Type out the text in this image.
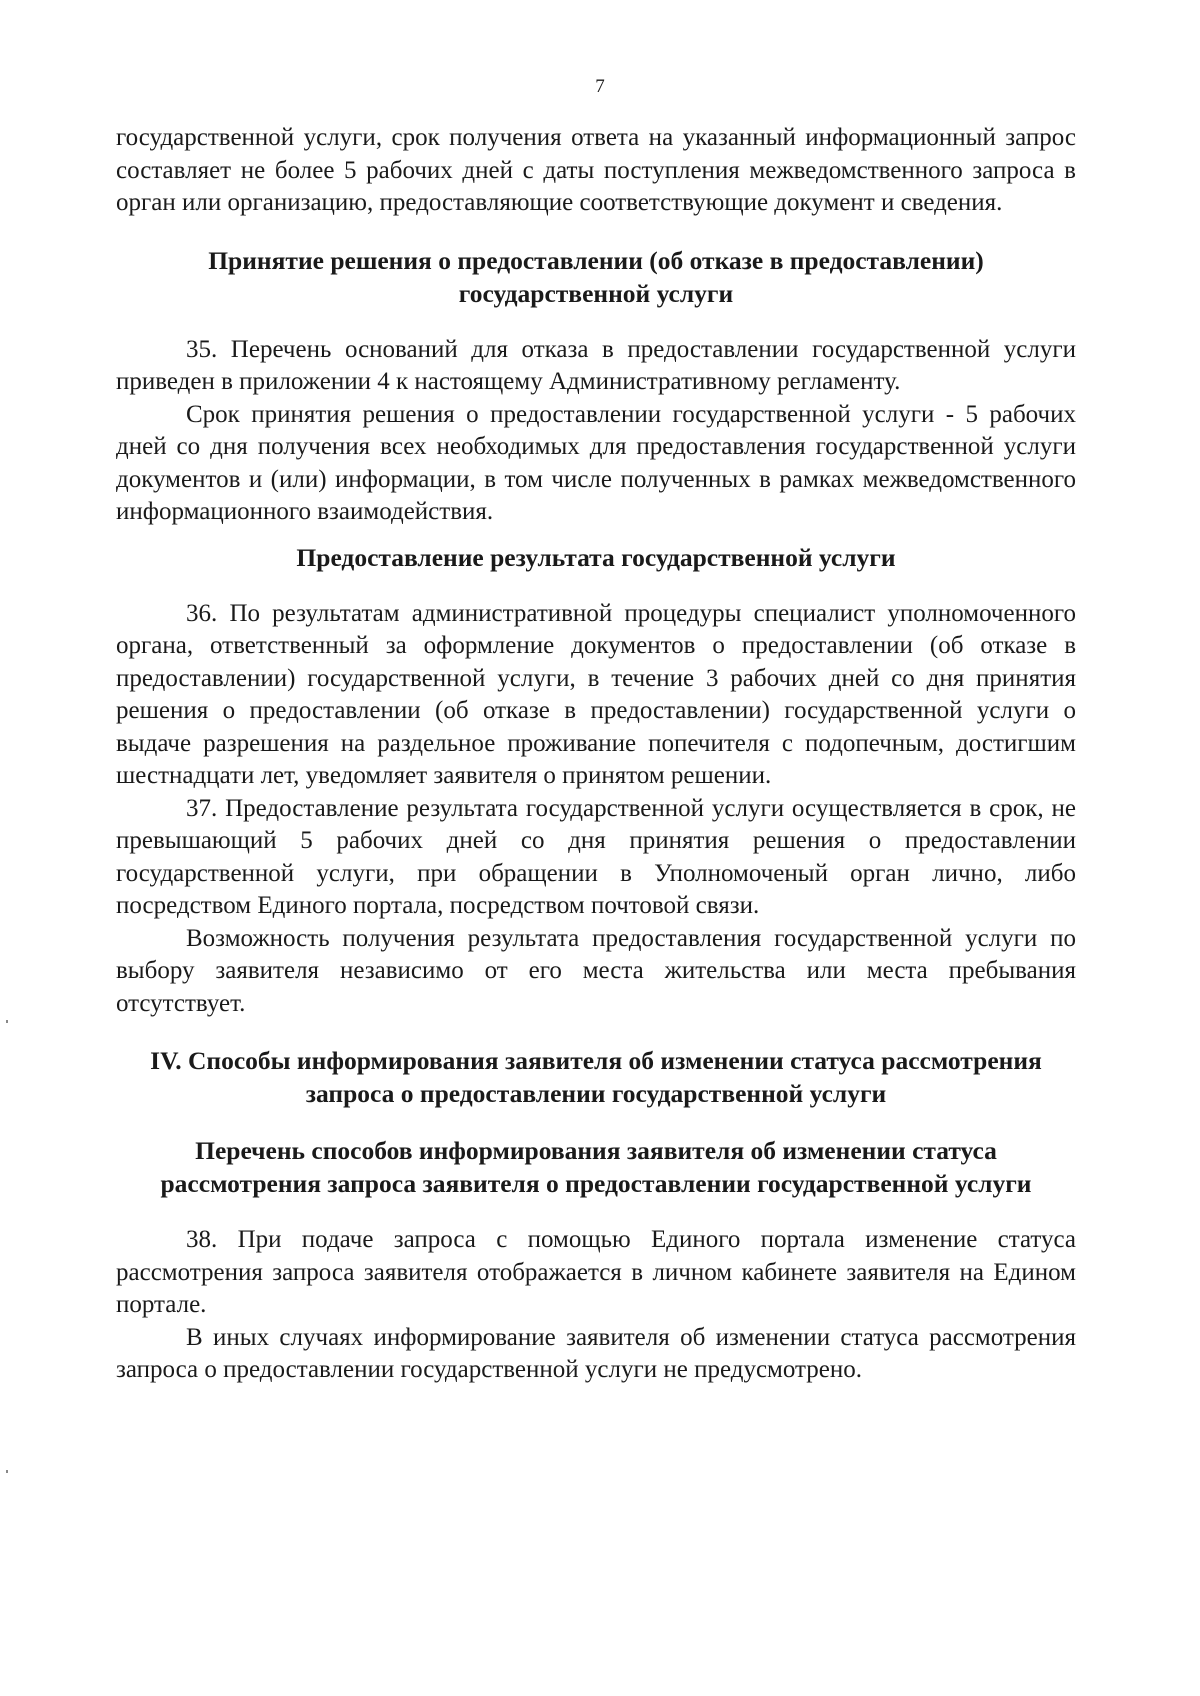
7

государственной услуги, срок получения ответа на указанный информационный запрос составляет не более 5 рабочих дней с даты поступления межведомственного запроса в орган или организацию, предоставляющие соответствующие документ и сведения.

Принятие решения о предоставлении (об отказе в предоставлении) государственной услуги

35. Перечень оснований для отказа в предоставлении государственной услуги приведен в приложении 4 к настоящему Административному регламенту.

Срок принятия решения о предоставлении государственной услуги - 5 рабочих дней со дня получения всех необходимых для предоставления государственной услуги документов и (или) информации, в том числе полученных в рамках межведомственного информационного взаимодействия.

Предоставление результата государственной услуги

36. По результатам административной процедуры специалист уполномоченного органа, ответственный за оформление документов о предоставлении (об отказе в предоставлении) государственной услуги, в течение 3 рабочих дней со дня принятия решения о предоставлении (об отказе в предоставлении) государственной услуги о выдаче разрешения на раздельное проживание попечителя с подопечным, достигшим шестнадцати лет, уведомляет заявителя о принятом решении.

37. Предоставление результата государственной услуги осуществляется в срок, не превышающий 5 рабочих дней со дня принятия решения о предоставлении государственной услуги, при обращении в Уполномоченый орган лично, либо посредством Единого портала, посредством почтовой связи.

Возможность получения результата предоставления государственной услуги по выбору заявителя независимо от его места жительства или места пребывания отсутствует.

IV. Способы информирования заявителя об изменении статуса рассмотрения запроса о предоставлении государственной услуги

Перечень способов информирования заявителя об изменении статуса рассмотрения запроса заявителя о предоставлении государственной услуги

38. При подаче запроса с помощью Единого портала изменение статуса рассмотрения запроса заявителя отображается в личном кабинете заявителя на Едином портале.

В иных случаях информирование заявителя об изменении статуса рассмотрения запроса о предоставлении государственной услуги не предусмотрено.
